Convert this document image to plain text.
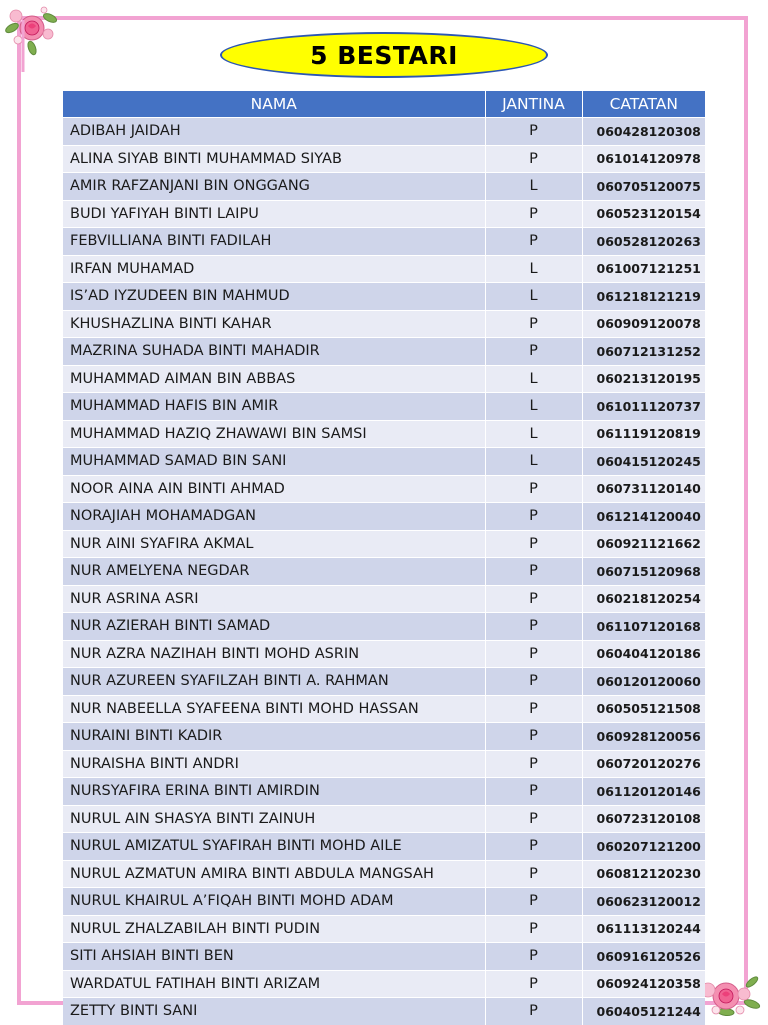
5 BESTARI
NAMA	JANTINA	CATATAN
ADIBAH JAIDAH	P	060428120308
ALINA SIYAB BINTI MUHAMMAD SIYAB	P	061014120978
AMIR RAFZANJANI BIN ONGGANG	L	060705120075
BUDI YAFIYAH BINTI LAIPU	P	060523120154
FEBVILLIANA BINTI FADILAH	P	060528120263
IRFAN MUHAMAD	L	061007121251
IS’AD IYZUDEEN BIN MAHMUD	L	061218121219
KHUSHAZLINA BINTI KAHAR	P	060909120078
MAZRINA SUHADA BINTI MAHADIR	P	060712131252
MUHAMMAD AIMAN BIN ABBAS	L	060213120195
MUHAMMAD HAFIS BIN AMIR	L	061011120737
MUHAMMAD HAZIQ ZHAWAWI BIN SAMSI	L	061119120819
MUHAMMAD SAMAD BIN SANI	L	060415120245
NOOR AINA AIN BINTI AHMAD	P	060731120140
NORAJIAH MOHAMADGAN	P	061214120040
NUR AINI SYAFIRA AKMAL	P	060921121662
NUR AMELYENA NEGDAR	P	060715120968
NUR ASRINA ASRI	P	060218120254
NUR AZIERAH BINTI SAMAD	P	061107120168
NUR AZRA NAZIHAH BINTI MOHD ASRIN	P	060404120186
NUR AZUREEN SYAFILZAH BINTI A. RAHMAN	P	060120120060
NUR NABEELLA SYAFEENA BINTI MOHD HASSAN	P	060505121508
NURAINI BINTI KADIR	P	060928120056
NURAISHA BINTI ANDRI	P	060720120276
NURSYAFIRA ERINA BINTI AMIRDIN	P	061120120146
NURUL AIN SHASYA BINTI ZAINUH	P	060723120108
NURUL AMIZATUL SYAFIRAH BINTI MOHD AILE	P	060207121200
NURUL AZMATUN AMIRA BINTI ABDULA MANGSAH	P	060812120230
NURUL KHAIRUL A’FIQAH BINTI MOHD ADAM	P	060623120012
NURUL ZHALZABILAH BINTI PUDIN	P	061113120244
SITI AHSIAH BINTI BEN	P	060916120526
WARDATUL FATIHAH BINTI ARIZAM	P	060924120358
ZETTY BINTI SANI	P	060405121244
